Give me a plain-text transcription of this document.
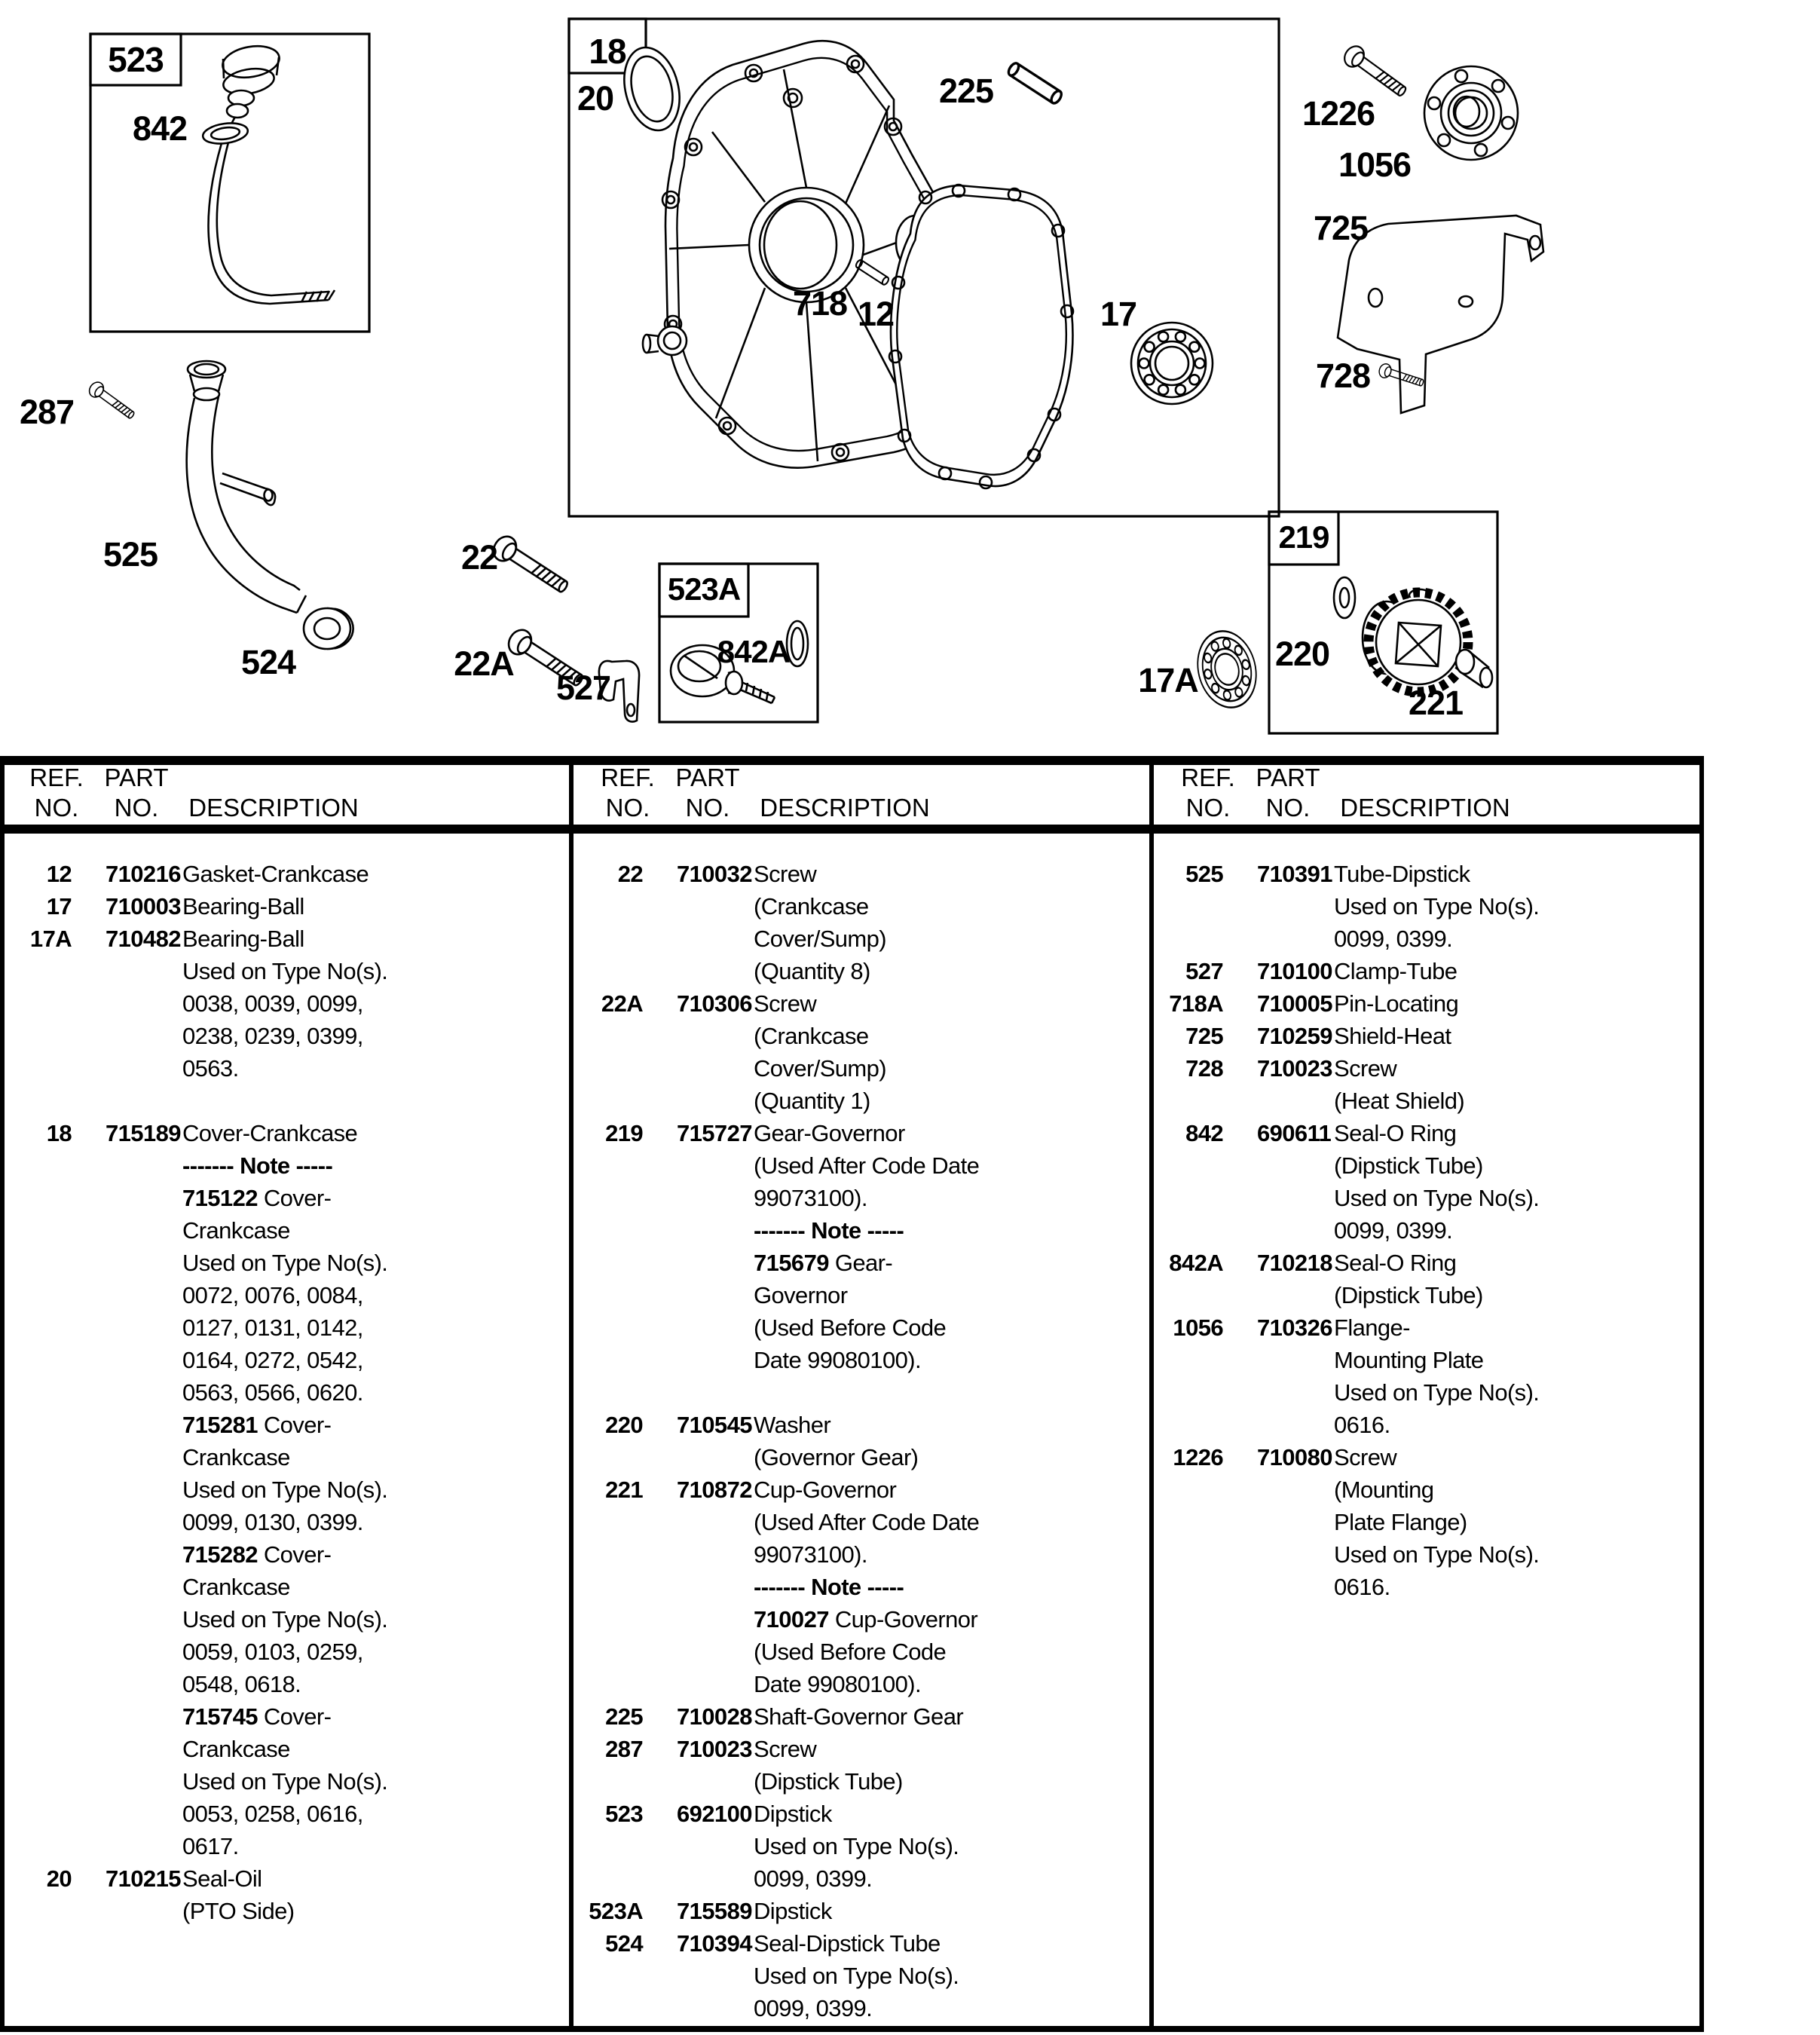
523
842
287
525
524
18
20	225
718 12	17
22
22A
527
523A
842A
17A
219
220
221
1226
1056
725
728
REF.
NO.
PART
NO.	DESCRIPTION
REF.
NO.
PART
NO.	DESCRIPTION
REF.
NO.
PART
NO.	DESCRIPTION
12 710216 Gasket-Crankcase
17 710003 Bearing-Ball
17A 710482 Bearing-Ball
Used on Type No(s).
0038, 0039, 0099,
0238, 0239, 0399,
0563.
18 715189 Cover-Crankcase
------- Note -----
715122 Cover-
Crankcase
Used on Type No(s).
0072, 0076, 0084,
0127, 0131, 0142,
0164, 0272, 0542,
0563, 0566, 0620.
715281 Cover-
Crankcase
Used on Type No(s).
0099, 0130, 0399.
715282 Cover-
Crankcase
Used on Type No(s).
0059, 0103, 0259,
0548, 0618.
715745 Cover-
Crankcase
Used on Type No(s).
0053, 0258, 0616,
0617.
20 710215 Seal-Oil
(PTO Side)
22 710032 Screw
(Crankcase
Cover/Sump)
(Quantity 8)
22A 710306 Screw
(Crankcase
Cover/Sump)
(Quantity 1)
219 715727 Gear-Governor
(Used After Code Date
99073100).
------- Note -----
715679 Gear-
Governor
(Used Before Code
Date 99080100).
220 710545 Washer
(Governor Gear)
221 710872 Cup-Governor
(Used After Code Date
99073100).
------- Note -----
710027 Cup-Governor
(Used Before Code
Date 99080100).
225 710028 Shaft-Governor Gear
287 710023 Screw
(Dipstick Tube)
523 692100 Dipstick
Used on Type No(s).
0099, 0399.
523A 715589 Dipstick
524 710394 Seal-Dipstick Tube
Used on Type No(s).
0099, 0399.
525 710391 Tube-Dipstick
Used on Type No(s).
0099, 0399.
527 710100 Clamp-Tube
718A 710005 Pin-Locating
725 710259 Shield-Heat
728 710023 Screw
(Heat Shield)
842 690611 Seal-O Ring
(Dipstick Tube)
Used on Type No(s).
0099, 0399.
842A 710218 Seal-O Ring
(Dipstick Tube)
1056 710326 Flange-
Mounting Plate
Used on Type No(s).
0616.
1226 710080 Screw
(Mounting
Plate Flange)
Used on Type No(s).
0616.
